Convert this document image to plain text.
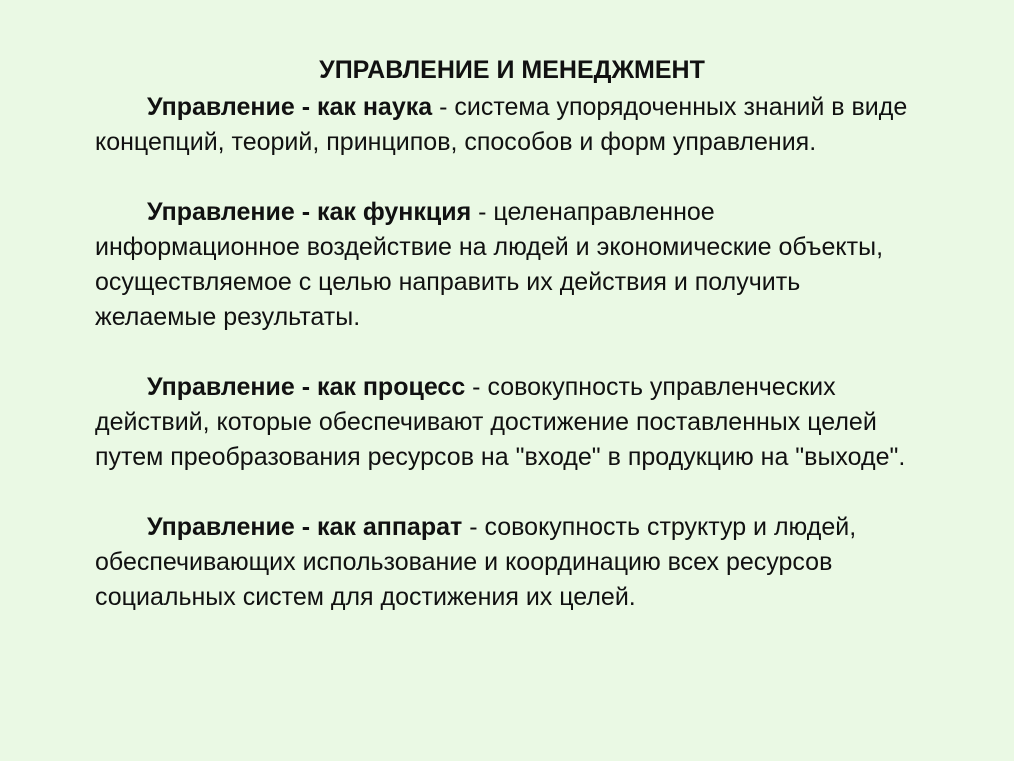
УПРАВЛЕНИЕ И МЕНЕДЖМЕНТ

Управление - как наука - система упорядоченных знаний в виде концепций, теорий, принципов, способов и форм управления.

Управление - как функция - целенаправленное информационное воздействие на людей и экономические объекты, осуществляемое с целью направить их действия и получить желаемые результаты.

Управление - как процесс - совокупность управленческих действий, которые обеспечивают достижение поставленных целей путем преобразования ресурсов на "входе" в продукцию на "выходе".

Управление - как аппарат - совокупность структур и людей, обеспечивающих использование и координацию всех ресурсов социальных систем для достижения их целей.
